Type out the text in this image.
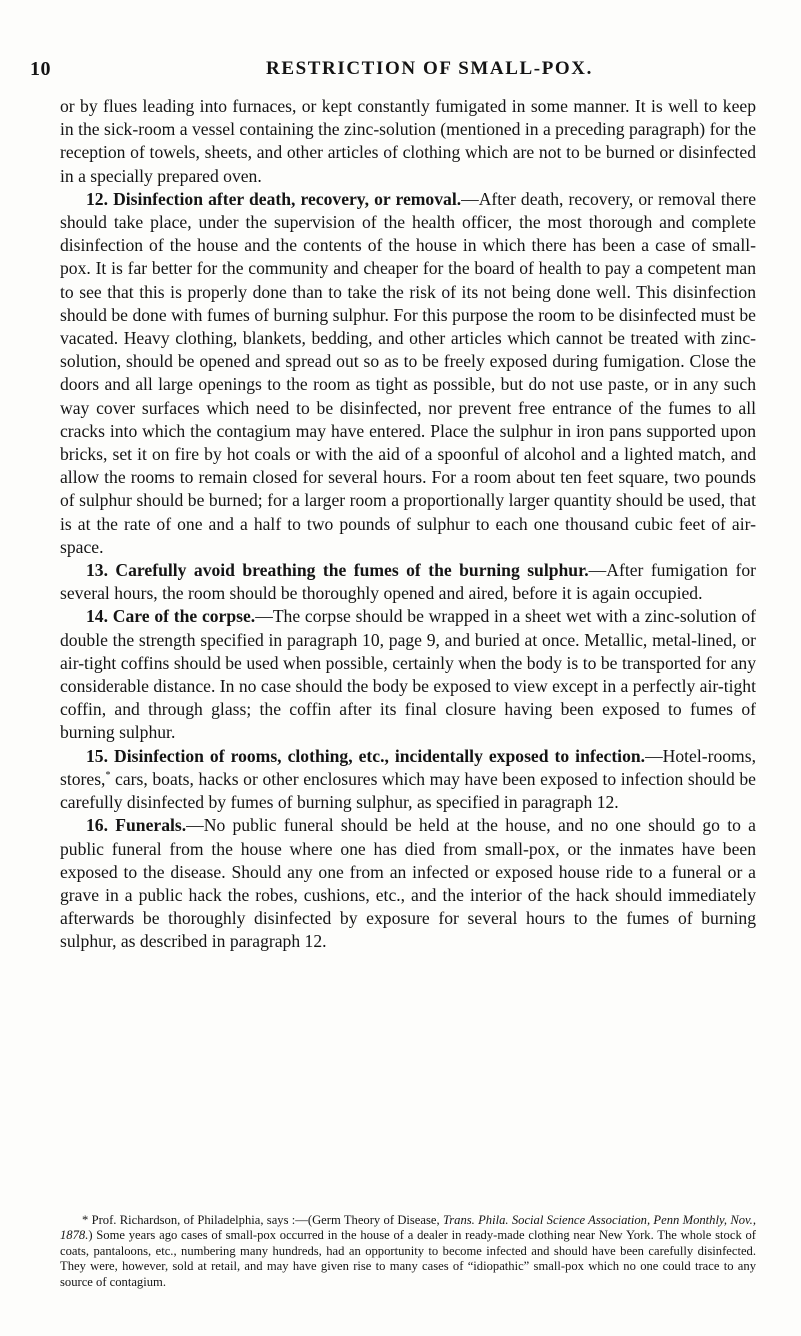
10	RESTRICTION OF SMALL-POX.

or by flues leading into furnaces, or kept constantly fumigated in some manner. It is well to keep in the sick-room a vessel containing the zinc-solution (mentioned in a preceding paragraph) for the reception of towels, sheets, and other articles of clothing which are not to be burned or disinfected in a specially prepared oven.

12. Disinfection after death, recovery, or removal.—After death, recovery, or removal there should take place, under the supervision of the health officer, the most thorough and complete disinfection of the house and the contents of the house in which there has been a case of small-pox. It is far better for the community and cheaper for the board of health to pay a competent man to see that this is properly done than to take the risk of its not being done well. This disinfection should be done with fumes of burning sulphur. For this purpose the room to be disinfected must be vacated. Heavy clothing, blankets, bedding, and other articles which cannot be treated with zinc-solution, should be opened and spread out so as to be freely exposed during fumigation. Close the doors and all large openings to the room as tight as possible, but do not use paste, or in any such way cover surfaces which need to be disinfected, nor prevent free entrance of the fumes to all cracks into which the contagium may have entered. Place the sulphur in iron pans supported upon bricks, set it on fire by hot coals or with the aid of a spoonful of alcohol and a lighted match, and allow the rooms to remain closed for several hours. For a room about ten feet square, two pounds of sulphur should be burned; for a larger room a proportionally larger quantity should be used, that is at the rate of one and a half to two pounds of sulphur to each one thousand cubic feet of air-space.

13. Carefully avoid breathing the fumes of the burning sulphur.—After fumigation for several hours, the room should be thoroughly opened and aired, before it is again occupied.

14. Care of the corpse.—The corpse should be wrapped in a sheet wet with a zinc-solution of double the strength specified in paragraph 10, page 9, and buried at once. Metallic, metal-lined, or air-tight coffins should be used when possible, certainly when the body is to be transported for any considerable distance. In no case should the body be exposed to view except in a perfectly air-tight coffin, and through glass; the coffin after its final closure having been exposed to fumes of burning sulphur.

15. Disinfection of rooms, clothing, etc., incidentally exposed to infection.—Hotel-rooms, stores,* cars, boats, hacks or other enclosures which may have been exposed to infection should be carefully disinfected by fumes of burning sulphur, as specified in paragraph 12.

16. Funerals.—No public funeral should be held at the house, and no one should go to a public funeral from the house where one has died from small-pox, or the inmates have been exposed to the disease. Should any one from an infected or exposed house ride to a funeral or a grave in a public hack the robes, cushions, etc., and the interior of the hack should immediately afterwards be thoroughly disinfected by exposure for several hours to the fumes of burning sulphur, as described in paragraph 12.

* Prof. Richardson, of Philadelphia, says :—(Germ Theory of Disease, Trans. Phila. Social Science Association, Penn Monthly, Nov., 1878.) Some years ago cases of small-pox occurred in the house of a dealer in ready-made clothing near New York. The whole stock of coats, pantaloons, etc., numbering many hundreds, had an opportunity to become infected and should have been carefully disinfected. They were, however, sold at retail, and may have given rise to many cases of “idiopathic” small-pox which no one could trace to any source of contagium.
